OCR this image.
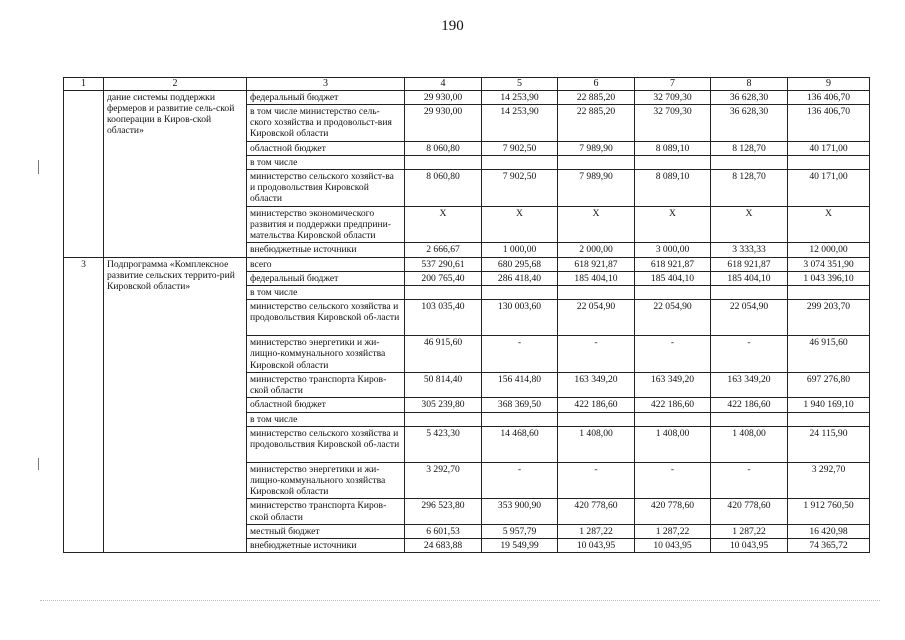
190
1	2	3	4	5	6	7	8	9
	дание системы поддержки фермеров и развитие сель-ской кооперации в Киров-ской области»	федеральный бюджет	29 930,00	14 253,90	22 885,20	32 709,30	36 628,30	136 406,70
		в том числе министерство сель-ского хозяйства и продовольст-вия Кировской области	29 930,00	14 253,90	22 885,20	32 709,30	36 628,30	136 406,70
		областной бюджет	8 060,80	7 902,50	7 989,90	8 089,10	8 128,70	40 171,00
		в том числе						
		министерство сельского хозяйст-ва и продовольствия Кировской области	8 060,80	7 902,50	7 989,90	8 089,10	8 128,70	40 171,00
		министерство экономического развития и поддержки предприни-мательства Кировской области	Х	Х	Х	Х	Х	Х
		внебюджетные источники	2 666,67	1 000,00	2 000,00	3 000,00	3 333,33	12 000,00
3	Подпрограмма «Комплексное развитие сельских террито-рий Кировской области»	всего	537 290,61	680 295,68	618 921,87	618 921,87	618 921,87	3 074 351,90
		федеральный бюджет	200 765,40	286 418,40	185 404,10	185 404,10	185 404,10	1 043 396,10
		в том числе						
		министерство сельского хозяйства и продовольствия Кировской об-ласти	103 035,40	130 003,60	22 054,90	22 054,90	22 054,90	299 203,70
		министерство энергетики и жи-лищно-коммунального хозяйства Кировской области	46 915,60	-	-	-	-	46 915,60
		министерство транспорта Киров-ской области	50 814,40	156 414,80	163 349,20	163 349,20	163 349,20	697 276,80
		областной бюджет	305 239,80	368 369,50	422 186,60	422 186,60	422 186,60	1 940 169,10
		в том числе						
		министерство сельского хозяйства и продовольствия Кировской об-ласти	5 423,30	14 468,60	1 408,00	1 408,00	1 408,00	24 115,90
		министерство энергетики и жи-лищно-коммунального хозяйства Кировской области	3 292,70	-	-	-	-	3 292,70
		министерство транспорта Киров-ской области	296 523,80	353 900,90	420 778,60	420 778,60	420 778,60	1 912 760,50
		местный бюджет	6 601,53	5 957,79	1 287,22	1 287,22	1 287,22	16 420,98
		внебюджетные источники	24 683,88	19 549,99	10 043,95	10 043,95	10 043,95	74 365,72
